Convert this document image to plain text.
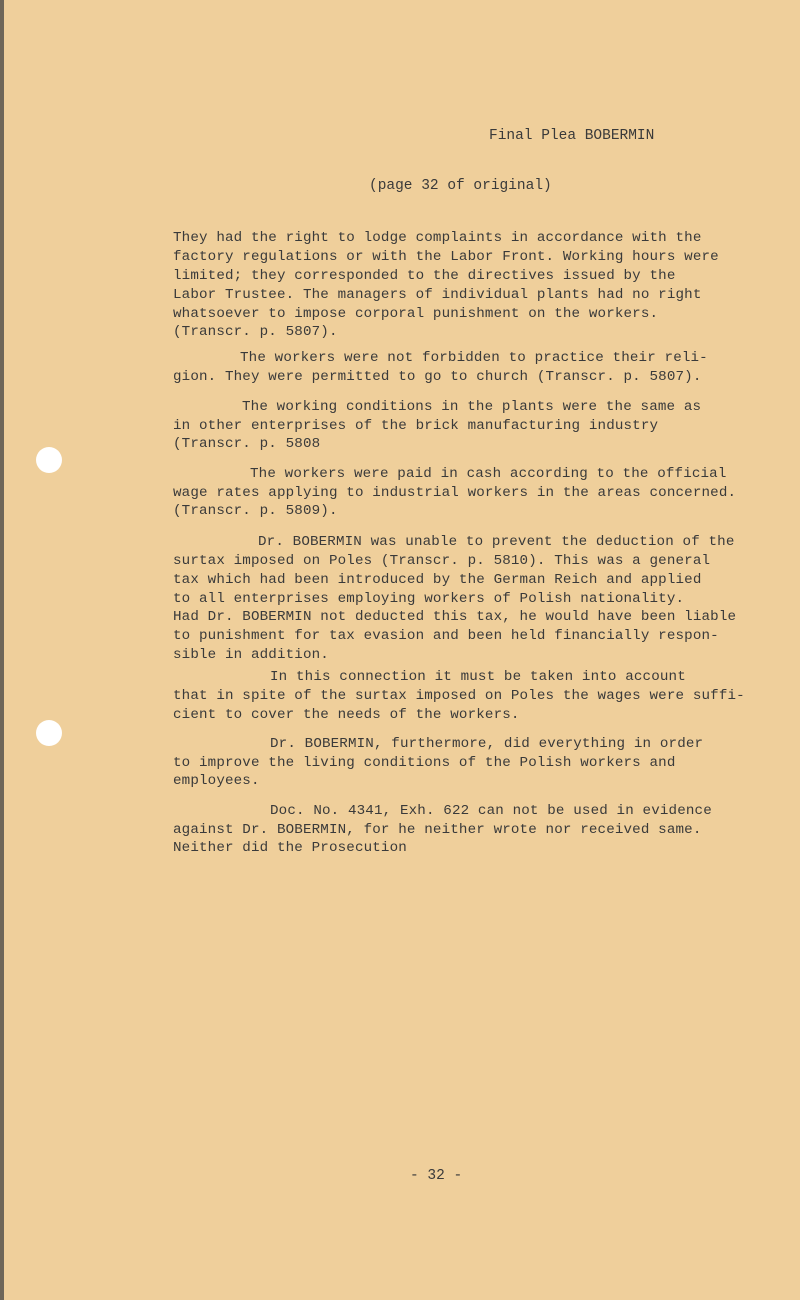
Final Plea BOBERMIN
(page 32 of original)
They had the right to lodge complaints in accordance with the
factory regulations or with the Labor Front. Working hours were
limited; they corresponded to the directives issued by the
Labor Trustee. The managers of individual plants had no right
whatsoever to impose corporal punishment on the workers.
(Transcr. p. 5807).
The workers were not forbidden to practice their reli-
gion. They were permitted to go to church (Transcr. p. 5807).
The working conditions in the plants were the same as
in other enterprises of the brick manufacturing industry
(Transcr. p. 5808
The workers were paid in cash according to the official
wage rates applying to industrial workers in the areas concerned.
(Transcr. p. 5809).
Dr. BOBERMIN was unable to prevent the deduction of the
surtax imposed on Poles (Transcr. p. 5810). This was a general
tax which had been introduced by the German Reich and applied
to all enterprises employing workers of Polish nationality.
Had Dr. BOBERMIN not deducted this tax, he would have been liable
to punishment for tax evasion and been held financially respon-
sible in addition.
In this connection it must be taken into account
that in spite of the surtax imposed on Poles the wages were suffi-
cient to cover the needs of the workers.
Dr. BOBERMIN, furthermore, did everything in order
to improve the living conditions of the Polish workers and
employees.
Doc. No. 4341, Exh. 622 can not be used in evidence
against Dr. BOBERMIN, for he neither wrote nor received same.
Neither did the Prosecution
- 32 -
